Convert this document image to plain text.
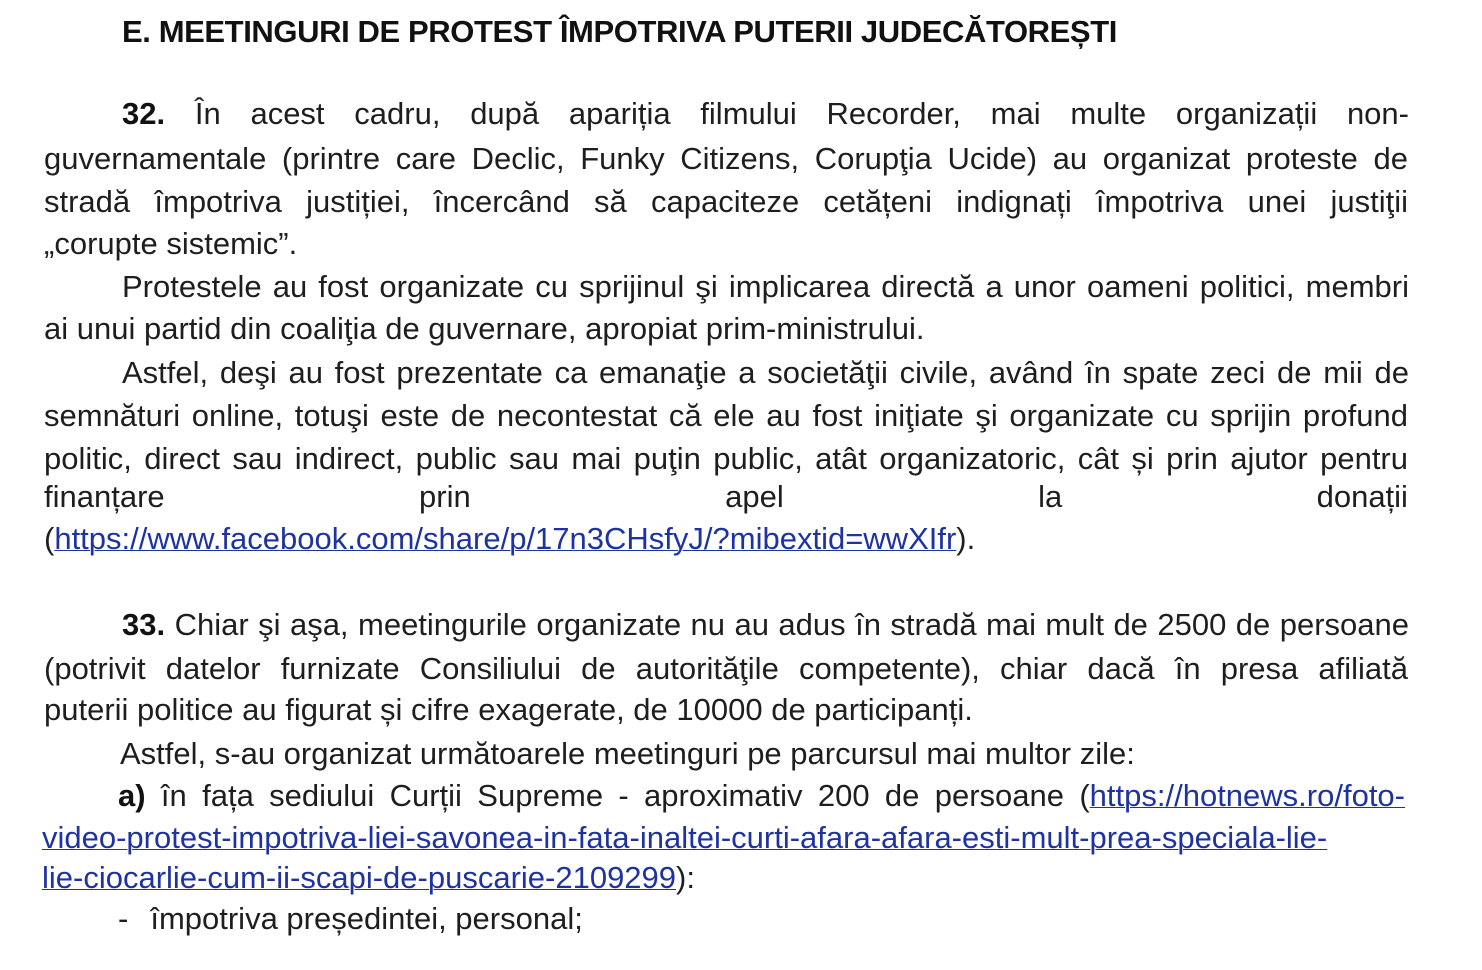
E. MEETINGURI DE PROTEST ÎMPOTRIVA PUTERII JUDECĂTOREȘTI
32. În acest cadru, după apariția filmului Recorder, mai multe organizații non-
guvernamentale (printre care Declic, Funky Citizens, Corupţia Ucide) au organizat proteste de
stradă împotriva justiției, încercând să capaciteze cetățeni indignați împotriva unei justiţii
„corupte sistemic”.
Protestele au fost organizate cu sprijinul şi implicarea directă a unor oameni politici, membri
ai unui partid din coaliţia de guvernare, apropiat prim-ministrului.
Astfel, deşi au fost prezentate ca emanaţie a societăţii civile, având în spate zeci de mii de
semnături online, totuşi este de necontestat că ele au fost iniţiate şi organizate cu sprijin profund
politic, direct sau indirect, public sau mai puţin public, atât organizatoric, cât și prin ajutor pentru
finanțare	prin	apel	la	donații
(https://www.facebook.com/share/p/17n3CHsfyJ/?mibextid=wwXIfr).
33. Chiar şi aşa, meetingurile organizate nu au adus în stradă mai mult de 2500 de persoane
(potrivit datelor furnizate Consiliului de autorităţile competente), chiar dacă în presa afiliată
puterii politice au figurat și cifre exagerate, de 10000 de participanți.
Astfel, s-au organizat următoarele meetinguri pe parcursul mai multor zile:
a) în fața sediului Curții Supreme - aproximativ 200 de persoane (https://hotnews.ro/foto-
video-protest-impotriva-liei-savonea-in-fata-inaltei-curti-afara-afara-esti-mult-prea-speciala-lie-
lie-ciocarlie-cum-ii-scapi-de-puscarie-2109299):
- împotriva președintei, personal;
